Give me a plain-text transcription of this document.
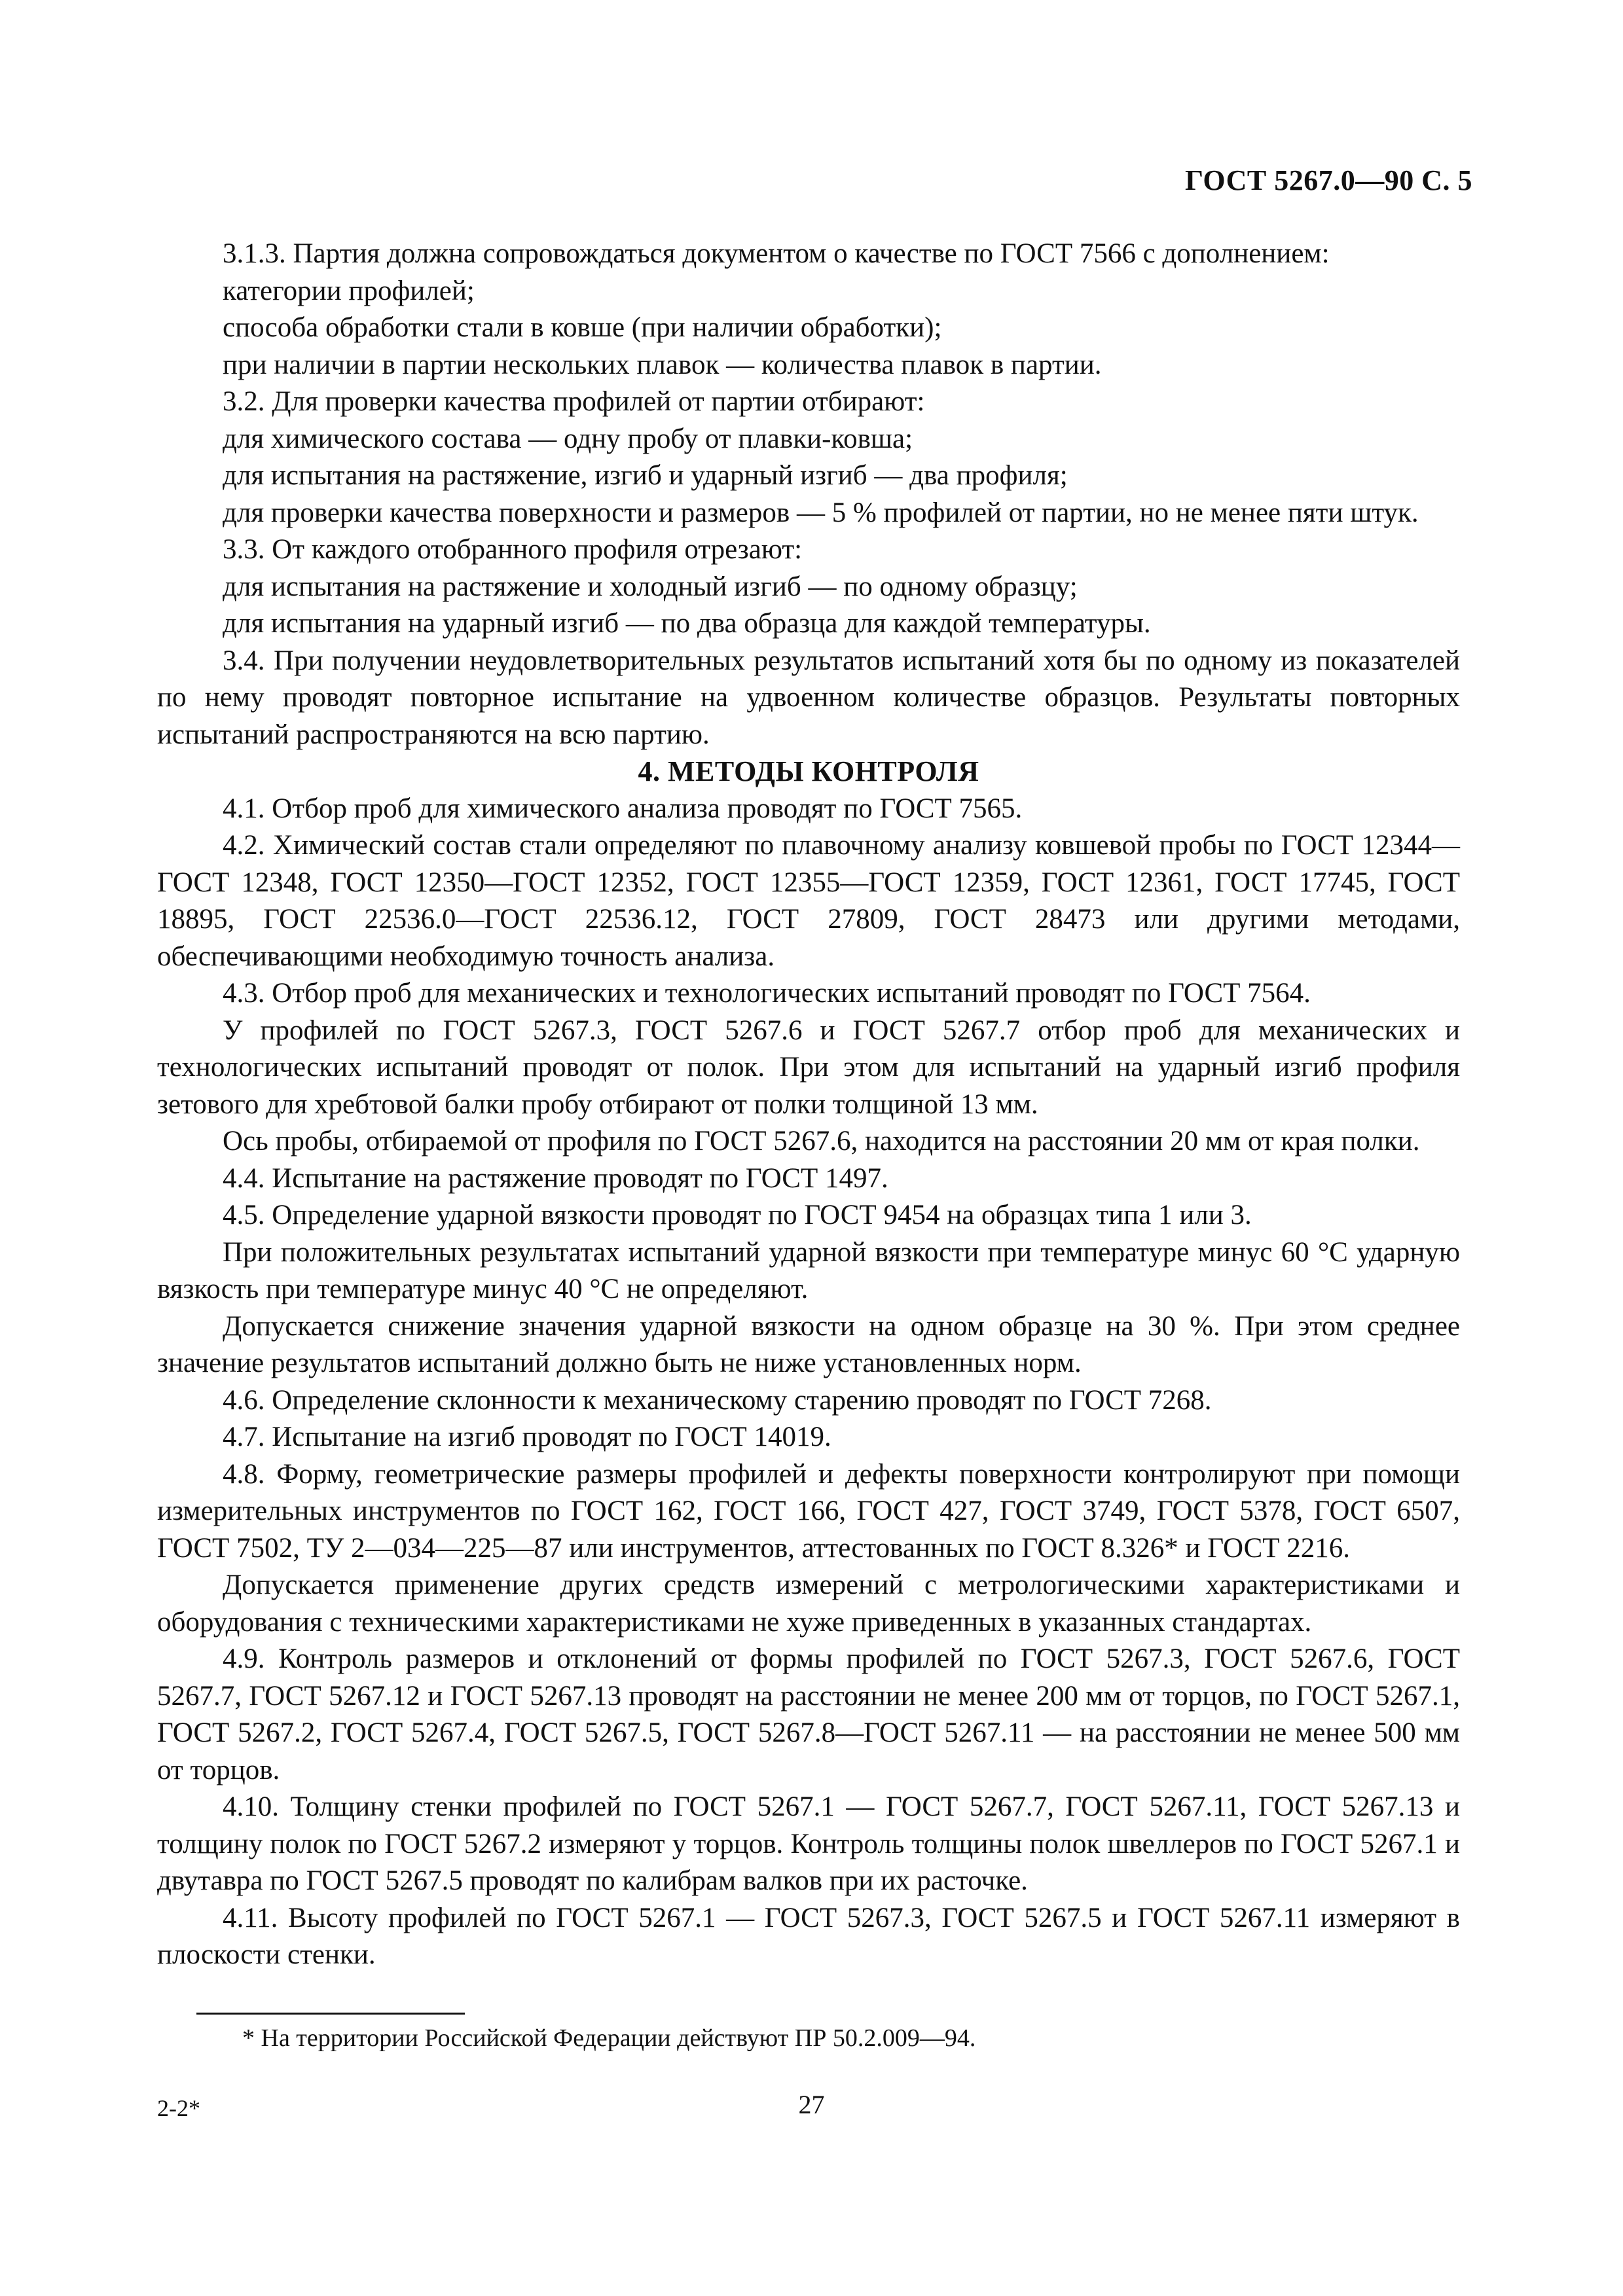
ГОСТ 5267.0—90 С. 5

3.1.3. Партия должна сопровождаться документом о качестве по ГОСТ 7566 с дополнением:

категории профилей;

способа обработки стали в ковше (при наличии обработки);

при наличии в партии нескольких плавок — количества плавок в партии.

3.2. Для проверки качества профилей от партии отбирают:

для химического состава — одну пробу от плавки-ковша;

для испытания на растяжение, изгиб и ударный изгиб — два профиля;

для проверки качества поверхности и размеров — 5 % профилей от партии, но не менее пяти штук.

3.3. От каждого отобранного профиля отрезают:

для испытания на растяжение и холодный изгиб — по одному образцу;

для испытания на ударный изгиб — по два образца для каждой температуры.

3.4. При получении неудовлетворительных результатов испытаний хотя бы по одному из показателей по нему проводят повторное испытание на удвоенном количестве образцов. Результаты повторных испытаний распространяются на всю партию.

4. МЕТОДЫ КОНТРОЛЯ

4.1. Отбор проб для химического анализа проводят по ГОСТ 7565.

4.2. Химический состав стали определяют по плавочному анализу ковшевой пробы по ГОСТ 12344—ГОСТ 12348, ГОСТ 12350—ГОСТ 12352, ГОСТ 12355—ГОСТ 12359, ГОСТ 12361, ГОСТ 17745, ГОСТ 18895, ГОСТ 22536.0—ГОСТ 22536.12, ГОСТ 27809, ГОСТ 28473 или другими методами, обеспечивающими необходимую точность анализа.

4.3. Отбор проб для механических и технологических испытаний проводят по ГОСТ 7564.

У профилей по ГОСТ 5267.3, ГОСТ 5267.6 и ГОСТ 5267.7 отбор проб для механических и технологических испытаний проводят от полок. При этом для испытаний на ударный изгиб профиля зетового для хребтовой балки пробу отбирают от полки толщиной 13 мм.

Ось пробы, отбираемой от профиля по ГОСТ 5267.6, находится на расстоянии 20 мм от края полки.

4.4. Испытание на растяжение проводят по ГОСТ 1497.

4.5. Определение ударной вязкости проводят по ГОСТ 9454 на образцах типа 1 или 3.

При положительных результатах испытаний ударной вязкости при температуре минус 60 °С ударную вязкость при температуре минус 40 °С не определяют.

Допускается снижение значения ударной вязкости на одном образце на 30 %. При этом среднее значение результатов испытаний должно быть не ниже установленных норм.

4.6. Определение склонности к механическому старению проводят по ГОСТ 7268.

4.7. Испытание на изгиб проводят по ГОСТ 14019.

4.8. Форму, геометрические размеры профилей и дефекты поверхности контролируют при помощи измерительных инструментов по ГОСТ 162, ГОСТ 166, ГОСТ 427, ГОСТ 3749, ГОСТ 5378, ГОСТ 6507, ГОСТ 7502, ТУ 2—034—225—87 или инструментов, аттестованных по ГОСТ 8.326* и ГОСТ 2216.

Допускается применение других средств измерений с метрологическими характеристиками и оборудования с техническими характеристиками не хуже приведенных в указанных стандартах.

4.9. Контроль размеров и отклонений от формы профилей по ГОСТ 5267.3, ГОСТ 5267.6, ГОСТ 5267.7, ГОСТ 5267.12 и ГОСТ 5267.13 проводят на расстоянии не менее 200 мм от торцов, по ГОСТ 5267.1, ГОСТ 5267.2, ГОСТ 5267.4, ГОСТ 5267.5, ГОСТ 5267.8—ГОСТ 5267.11 — на расстоянии не менее 500 мм от торцов.

4.10. Толщину стенки профилей по ГОСТ 5267.1 — ГОСТ 5267.7, ГОСТ 5267.11, ГОСТ 5267.13 и толщину полок по ГОСТ 5267.2 измеряют у торцов. Контроль толщины полок швеллеров по ГОСТ 5267.1 и двутавра по ГОСТ 5267.5 проводят по калибрам валков при их расточке.

4.11. Высоту профилей по ГОСТ 5267.1 — ГОСТ 5267.3, ГОСТ 5267.5 и ГОСТ 5267.11 измеряют в плоскости стенки.

* На территории Российской Федерации действуют ПР 50.2.009—94.
2-2*	27
